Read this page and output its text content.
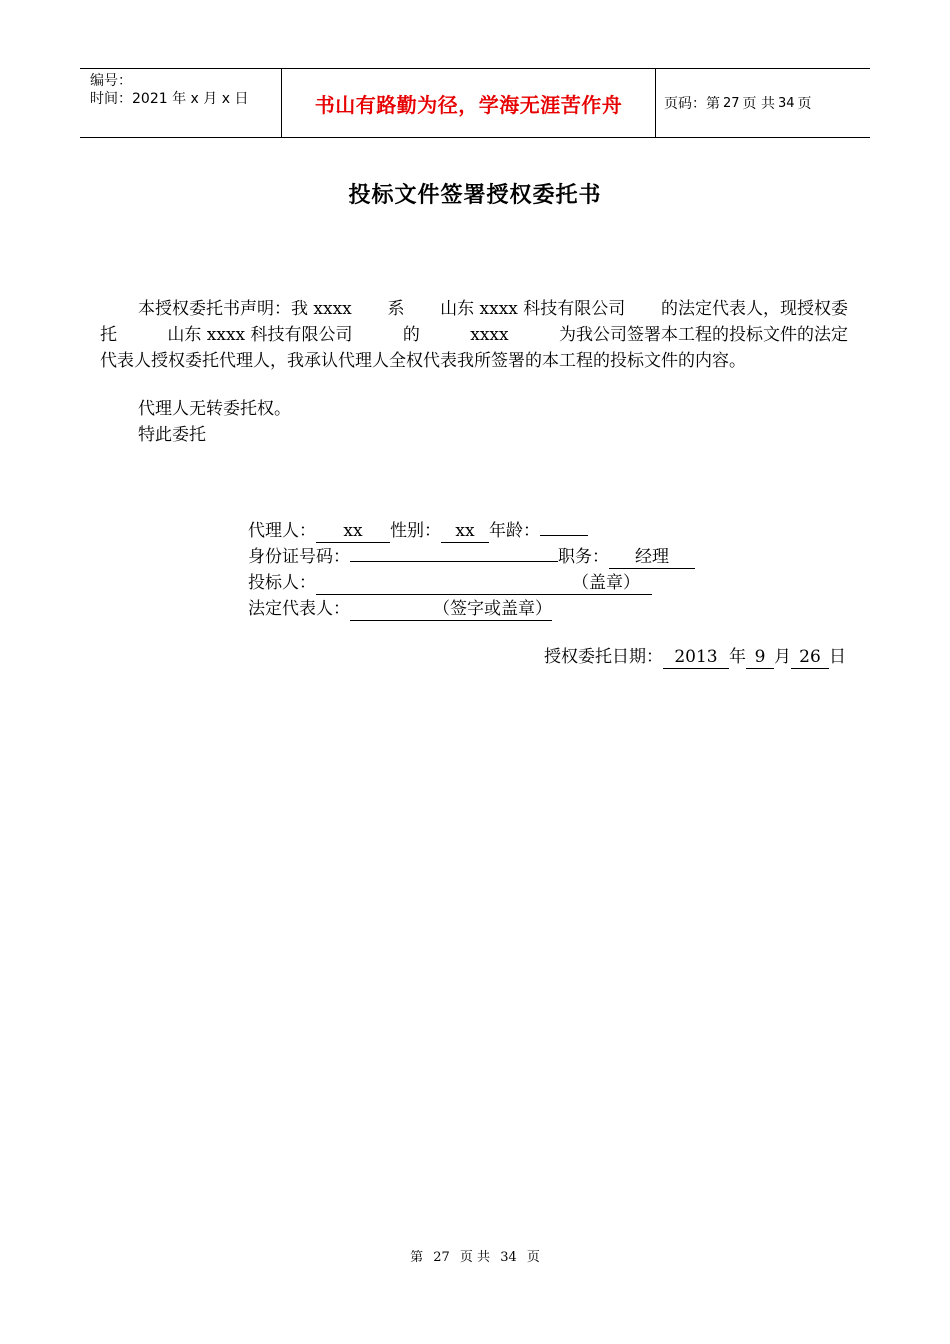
编号：
时间：2021 年 x 月 x 日	书山有路勤为径，学海无涯苦作舟	页码：第 27 页 共 34 页
投标文件签署授权委托书
本授权委托书声明：我 xxxx 系 山东 xxxx 科技有限公司 的法定代表人，现授权委
托	山东 xxxx 科技有限公司	的	xxxx	为我公司签署本工程的投标文件的法定
代表人授权委托代理人，我承认代理人全权代表我所签署的本工程的投标文件的内容。
代理人无转委托权。
特此委托
代理人： xx 性别： xx 年龄：
身份证号码：	职务： 经理
投标人：	（盖章）
法定代表人：	（签字或盖章）
授权委托日期： 2013 年 9 月 26 日
第 27 页 共 34 页
